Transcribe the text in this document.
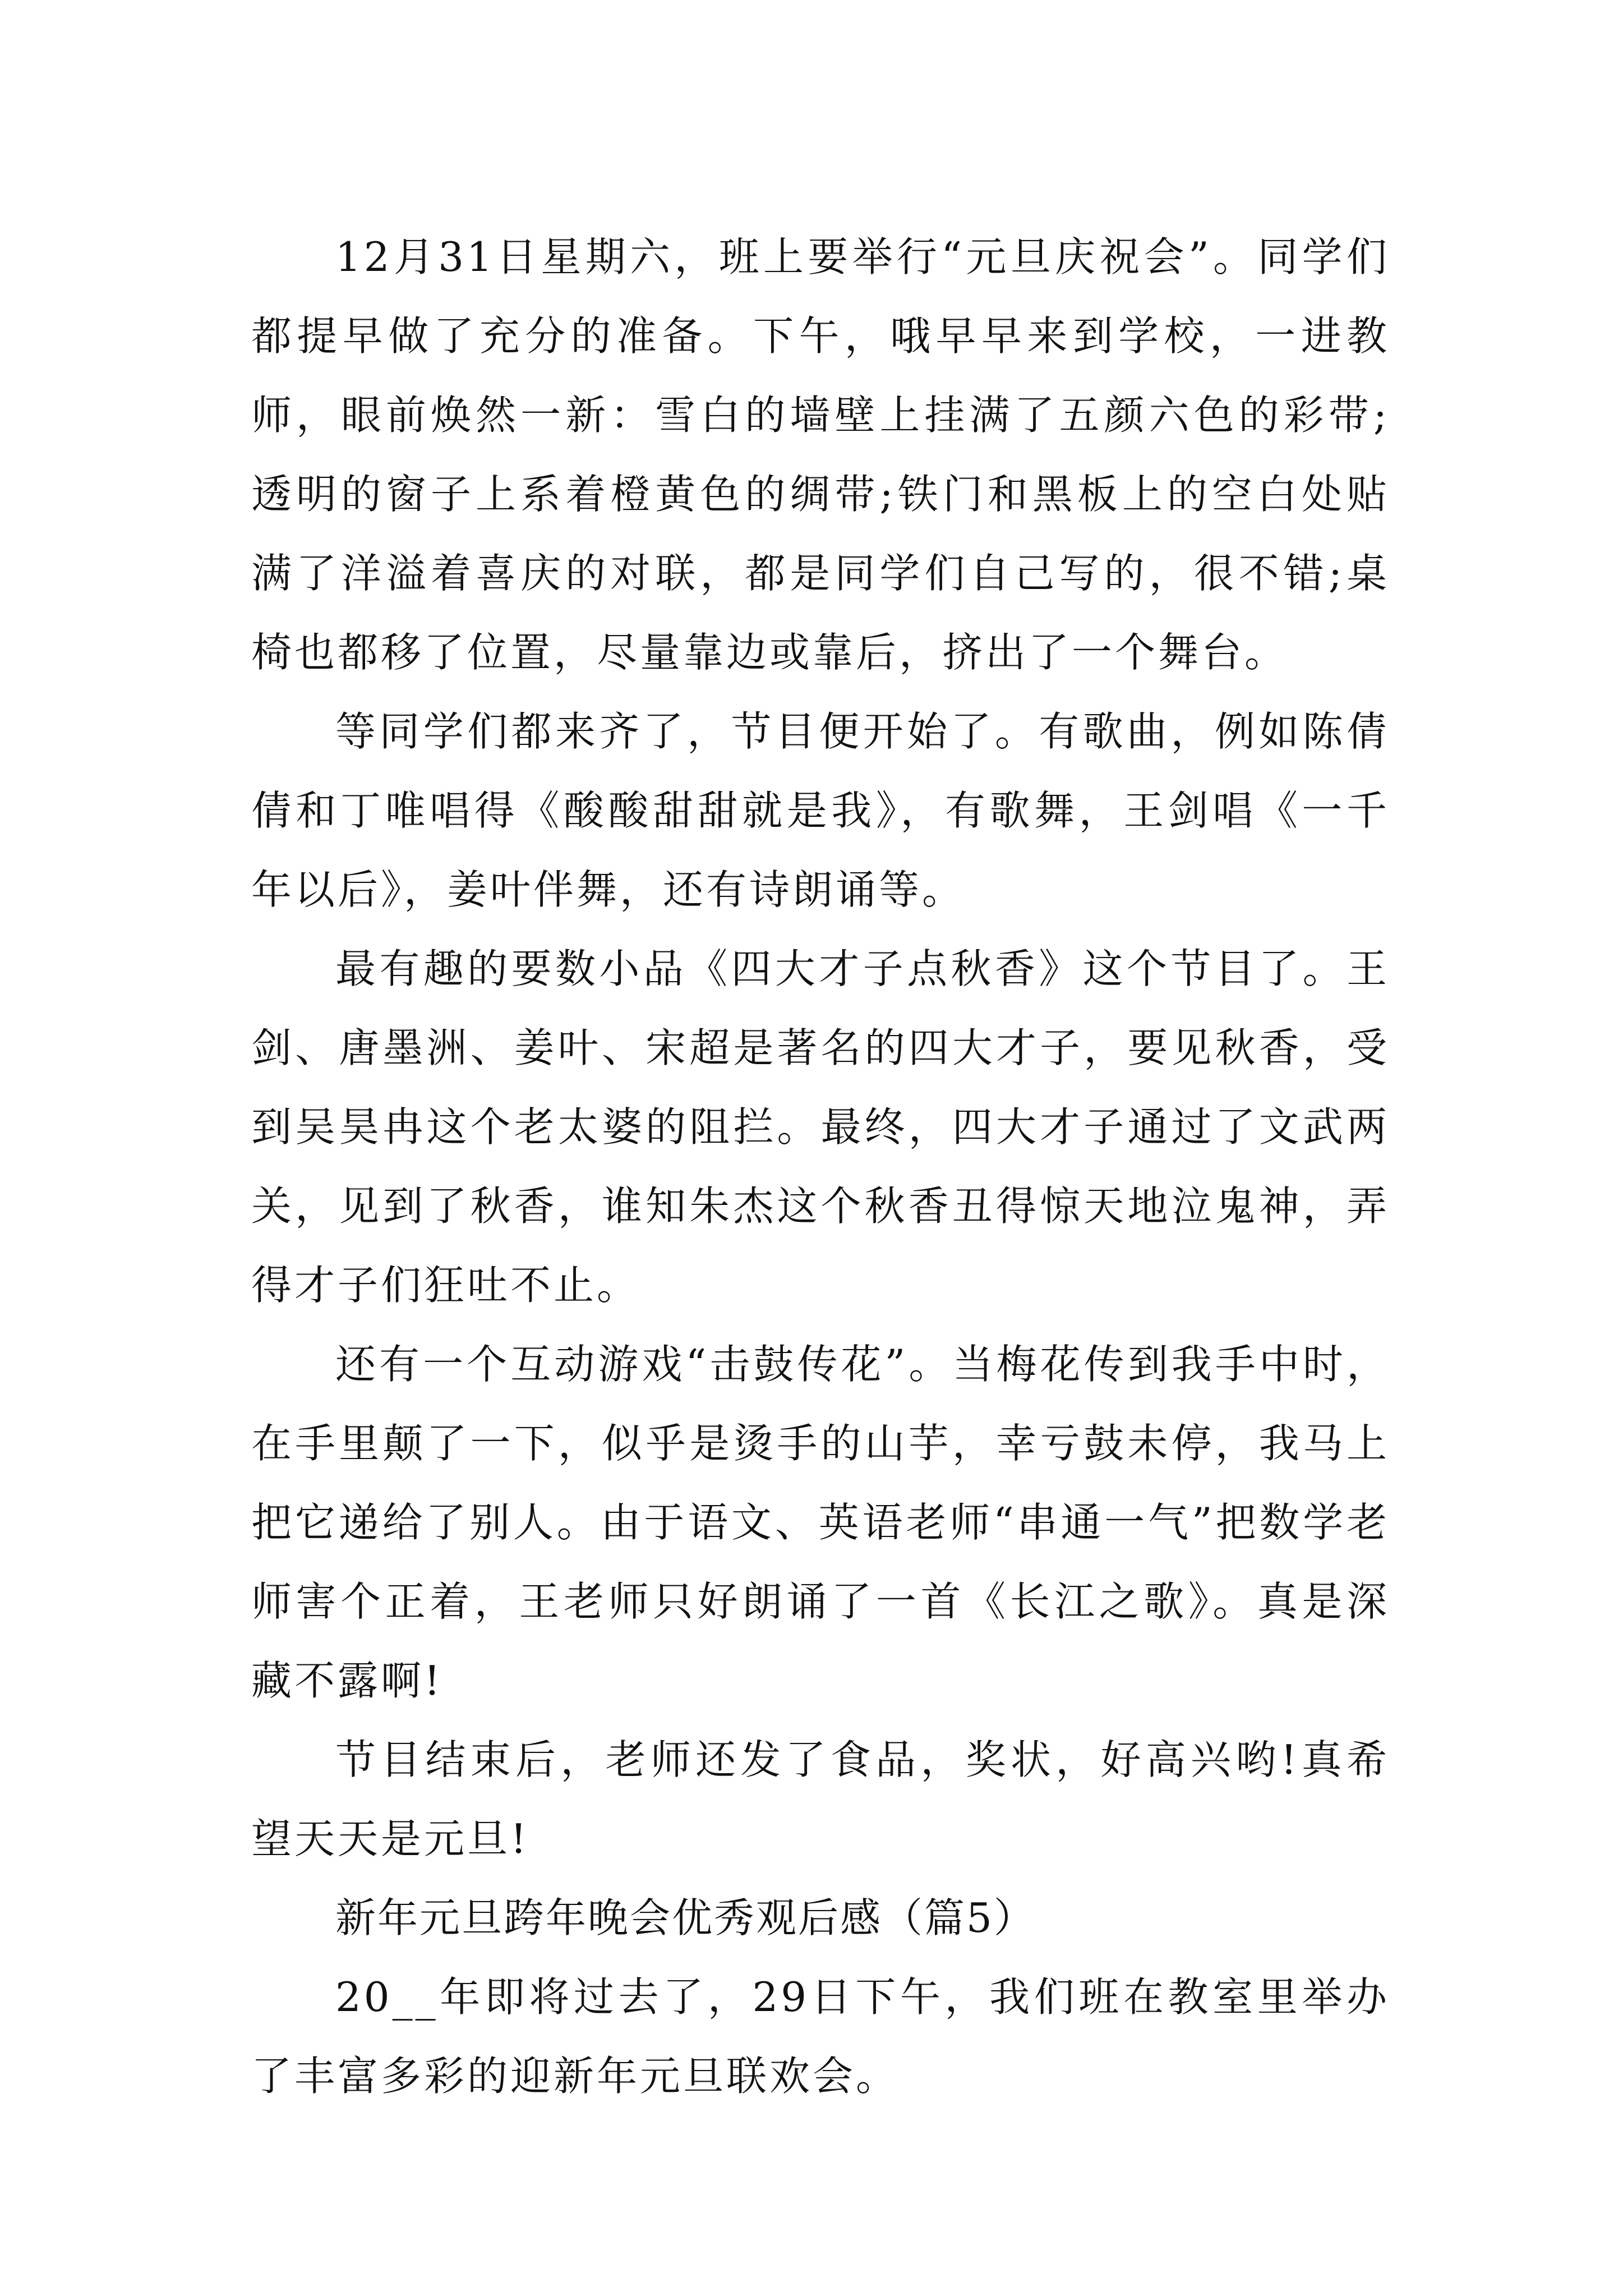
12月31日星期六，班上要举行“元旦庆祝会”。同学们都提早做了充分的准备。下午，哦早早来到学校，一进教师，眼前焕然一新：雪白的墙壁上挂满了五颜六色的彩带;透明的窗子上系着橙黄色的绸带;铁门和黑板上的空白处贴满了洋溢着喜庆的对联，都是同学们自己写的，很不错;桌椅也都移了位置，尽量靠边或靠后，挤出了一个舞台。

等同学们都来齐了，节目便开始了。有歌曲，例如陈倩倩和丁唯唱得《酸酸甜甜就是我》，有歌舞，王剑唱《一千年以后》，姜叶伴舞，还有诗朗诵等。

最有趣的要数小品《四大才子点秋香》这个节目了。王剑、唐墨洲、姜叶、宋超是著名的四大才子，要见秋香，受到吴昊冉这个老太婆的阻拦。最终，四大才子通过了文武两关，见到了秋香，谁知朱杰这个秋香丑得惊天地泣鬼神，弄得才子们狂吐不止。

还有一个互动游戏“击鼓传花”。当梅花传到我手中时，在手里颠了一下，似乎是烫手的山芋，幸亏鼓未停，我马上把它递给了别人。由于语文、英语老师“串通一气”把数学老师害个正着，王老师只好朗诵了一首《长江之歌》。真是深藏不露啊!

节目结束后，老师还发了食品，奖状，好高兴哟!真希望天天是元旦!

新年元旦跨年晚会优秀观后感（篇5）

20__年即将过去了，29日下午，我们班在教室里举办了丰富多彩的迎新年元旦联欢会。
